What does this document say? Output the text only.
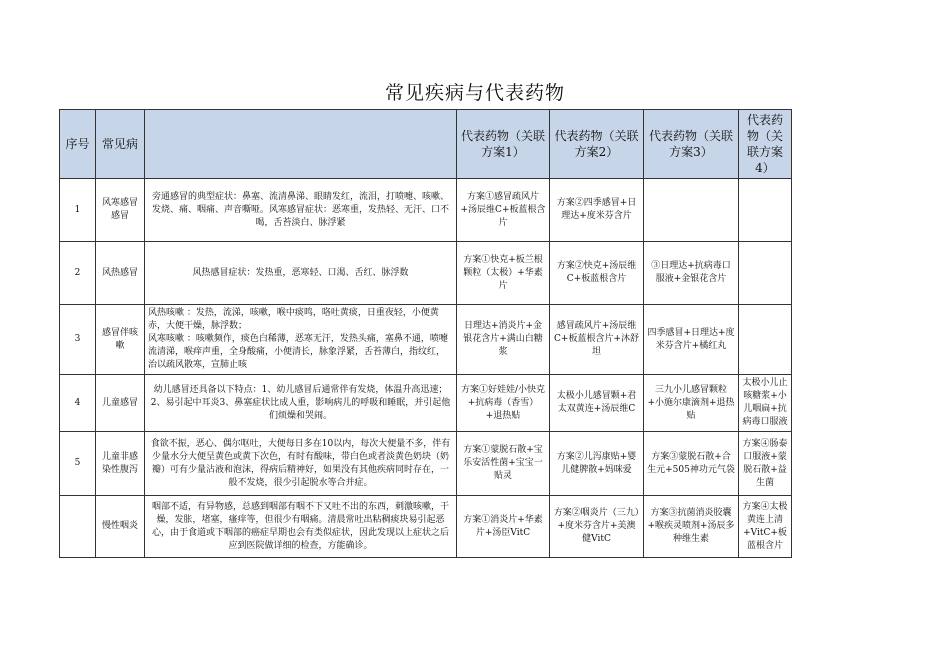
常见疾病与代表药物
序号	常见病		代表药物（关联方案1）	代表药物（关联方案2）	代表药物（关联方案3）	代表药物（关联方案4）
1	风寒感冒感冒	旁通感冒的典型症状：鼻塞、流清鼻涕、眼睛发红，流泪，打喷嚏、咳嗽、发烧、痛、咽痛、声音嘶哑。风寒感冒症状：恶寒重，发热轻、无汗、口不喝，舌苔淡白、脉浮紧	方案①感冒疏风片+汤辰维C+板蓝根含片	方案②四季感冒+日理达+度米芬含片		
2	风热感冒	风热感冒症状：发热重，恶寒轻、口渴、舌红、脉浮数	方案①快克+板兰根颗粒（太极）+华素片	方案②快克+汤辰维C+板蓝根含片	③日理达+抗病毒口服液+金银花含片	
3	感冒伴咳嗽	风热咳嗽 ：发热，流涕，咳嗽，喉中痰鸣，咯吐黄痰，日重夜轻，小便黄赤，大便干燥，脉浮数；
风寒咳嗽 ：咳嗽频作，痰色白稀薄，恶寒无汗，发热头痛，塞鼻不通，喷嚏流清涕，喉痒声重，全身酸痛，小便清长，脉象浮紧，舌苔薄白，指纹红，治以疏风散寒，宣肺止咳	日理达+消炎片+金银花含片+满山白糖浆	感冒疏风片+汤辰维C+板蓝根含片+沐舒坦	四季感冒+日理达+度米芬含片+橘红丸	
4	儿童感冒	幼儿感冒还具备以下特点：1、幼儿感冒后通常伴有发烧，体温升高迅速；2、易引起中耳炎3、鼻塞症状比成人重，影响病儿的呼吸和睡眠，并引起他们烦燥和哭闹。	方案①好娃娃/小快克+抗病毒（香雪）+退热贴	太极小儿感冒颗+君太双黄连+汤辰维C	三九小儿感冒颗粒+小施尔康滴剂+退热贴	太极小儿止咳糖浆+小儿咽扁+抗病毒口服液
5	儿童非感染性腹泻	食欲不振，恶心、偶尔呕吐，大便每日多在10以内，每次大便量不多，伴有少量水分大便呈黄色或黄下次色，有时有酸味，带白色或者淡黄色奶块（奶瓣）可有少量沾液和泡沫，得病后精神好，如果没有其他疾病同时存在，一般不发烧，很少引起脱水等合并症。	方案①蒙脱石散+宝乐安活性菌+宝宝一贴灵	方案②儿泻康贴+婴儿健脾散+妈咪爱	方案③蒙脱石散+合生元+505神功元气袋	方案④肠泰口服液+蒙脱石散+益生菌
	慢性咽炎	咽部不适，有异物感，总感到咽部有咽不下又吐不出的东西，刺激咳嗽，干燥，发胀，堵塞，瘙痒等，但很少有咽痛。清晨常吐出粘稠痰块易引起恶心，由于食道或下咽部的癌症早期也会有类似症状，因此发现以上症状之后应到医院做详细的检查，方能确诊。	方案①消炎片+华素片+汤臣VitC	方案②咽炎片（三九）+度米芬含片+美澳健VitC	方案③抗菌消炎胶囊+喉疾灵喷剂+汤辰多种维生素	方案④太极黄连上清+VitC+板蓝根含片
